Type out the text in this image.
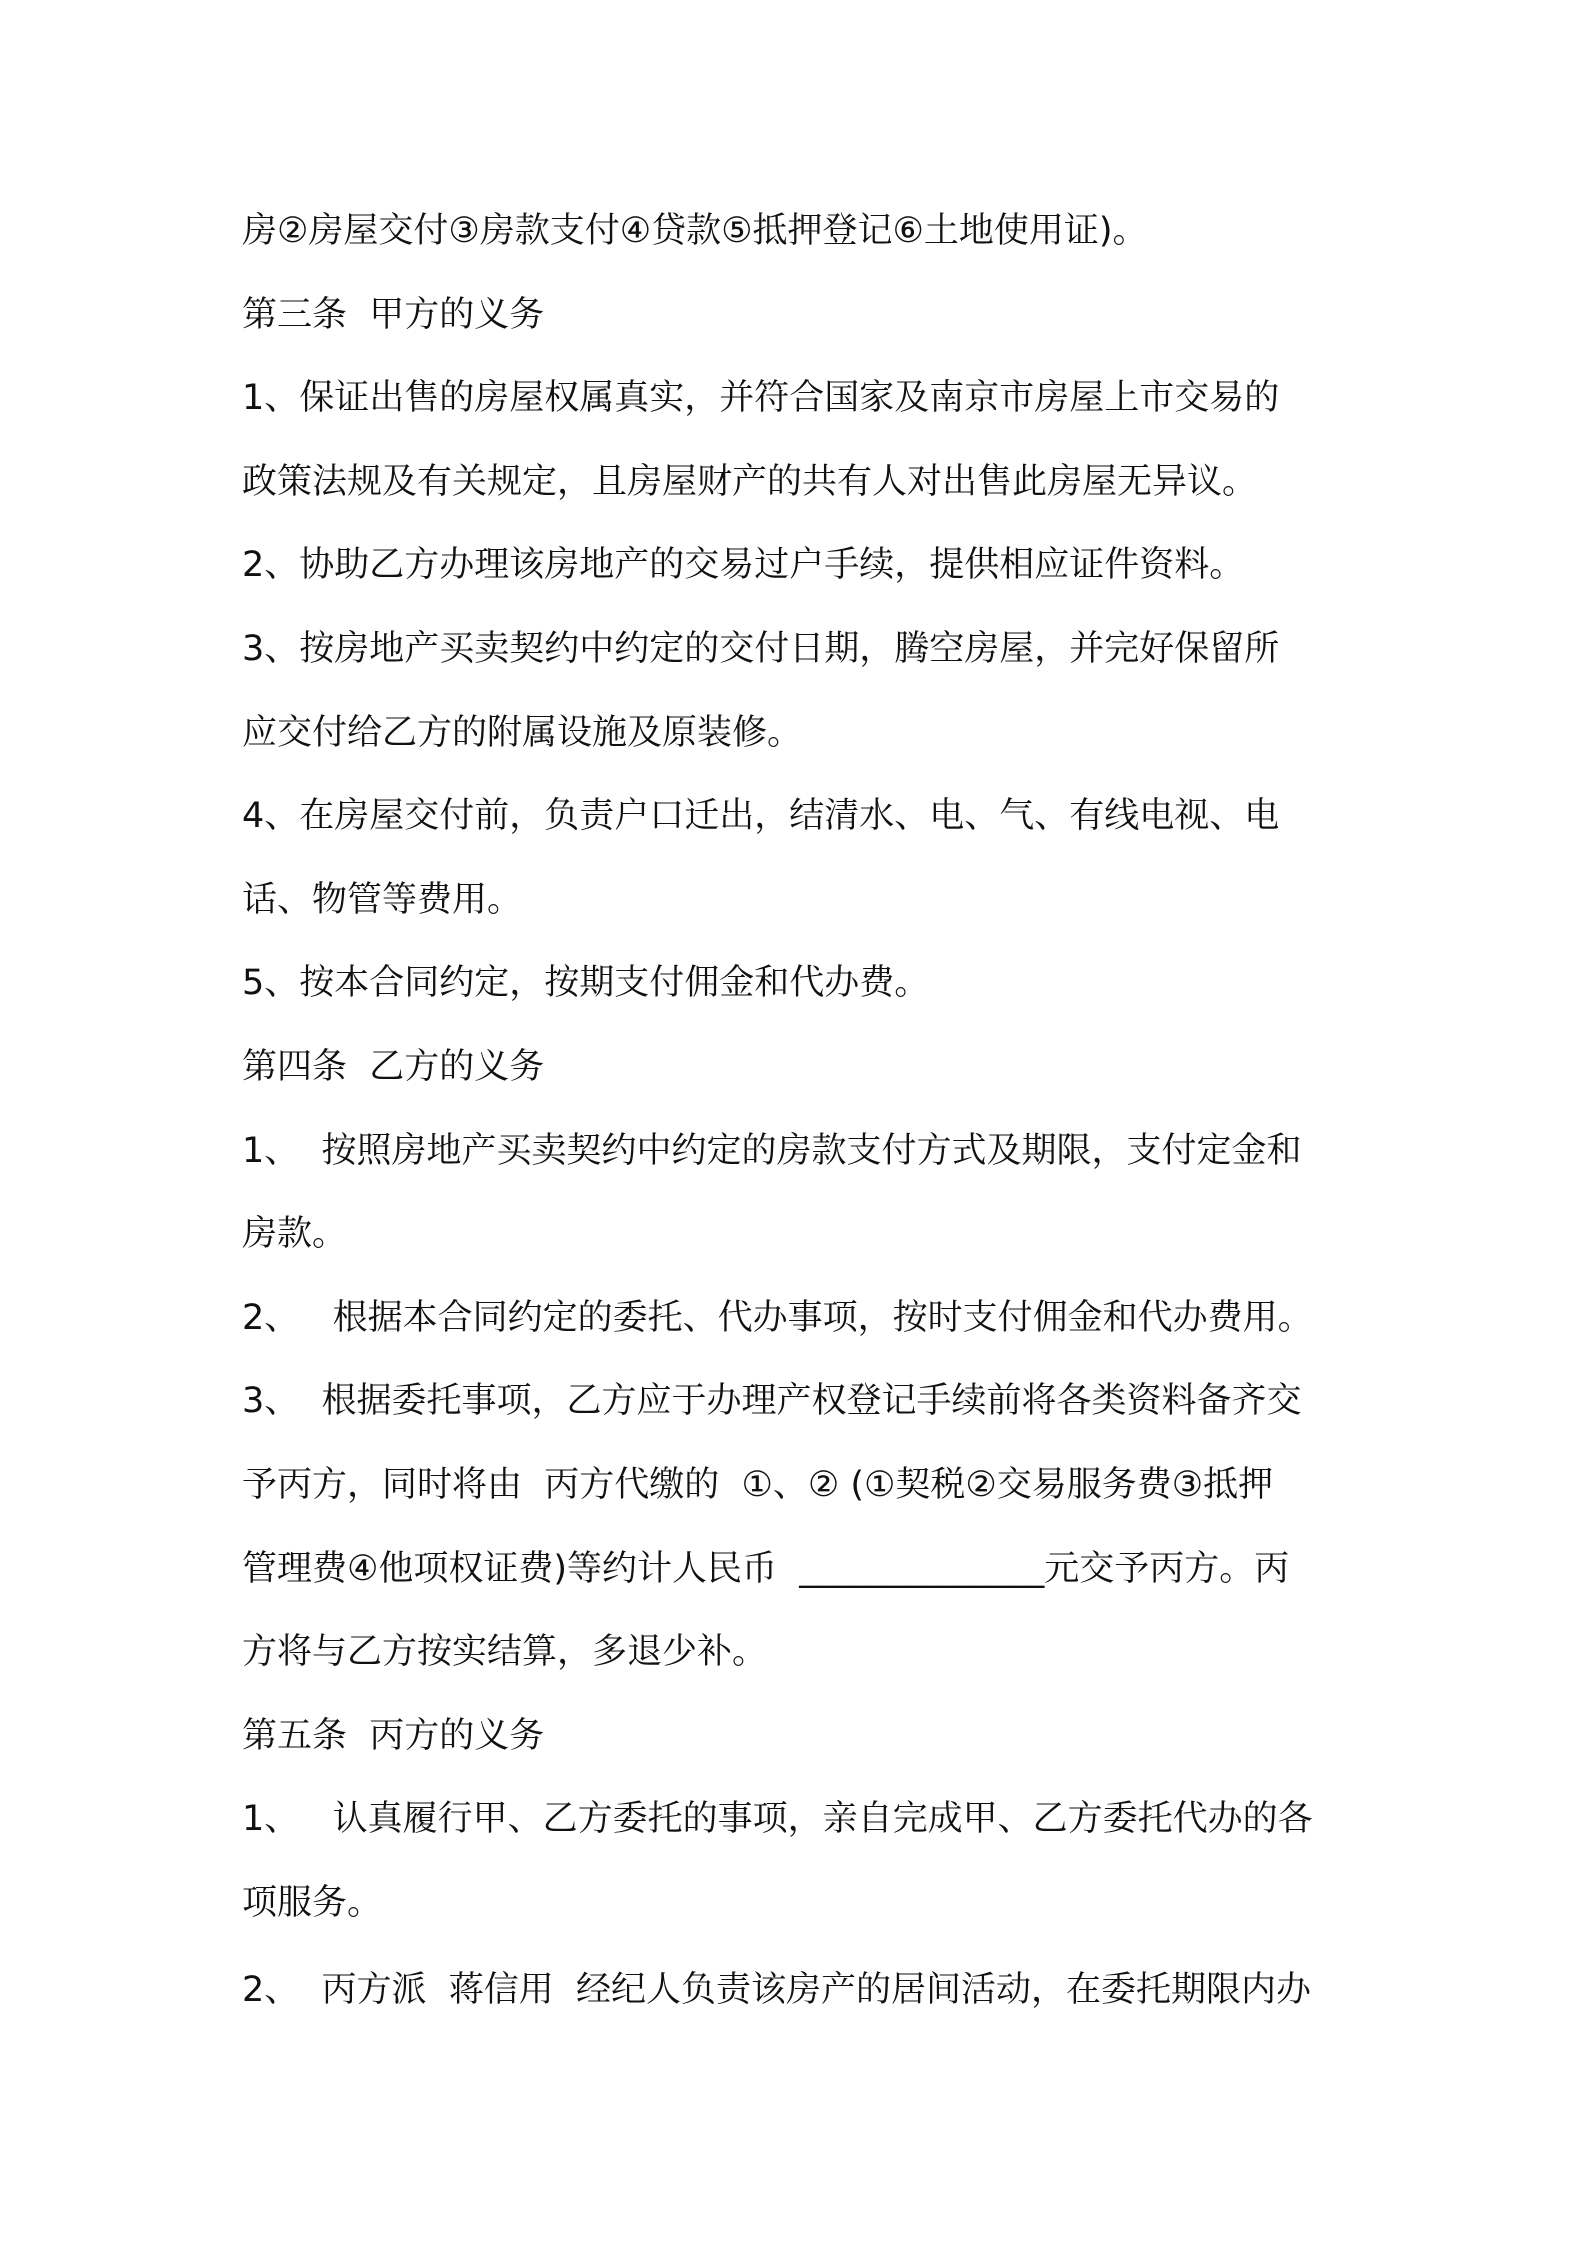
房②房屋交付③房款支付④贷款⑤抵押登记⑥土地使用证)。
第三条  甲方的义务
1、保证出售的房屋权属真实，并符合国家及南京市房屋上市交易的
政策法规及有关规定，且房屋财产的共有人对出售此房屋无异议。
2、协助乙方办理该房地产的交易过户手续，提供相应证件资料。
3、按房地产买卖契约中约定的交付日期，腾空房屋，并完好保留所
应交付给乙方的附属设施及原装修。
4、在房屋交付前，负责户口迁出，结清水、电、气、有线电视、电
话、物管等费用。
5、按本合同约定，按期支付佣金和代办费。
第四条  乙方的义务
1、  按照房地产买卖契约中约定的房款支付方式及期限，支付定金和
房款。
2、   根据本合同约定的委托、代办事项，按时支付佣金和代办费用。
3、  根据委托事项，乙方应于办理产权登记手续前将各类资料备齐交
予丙方，同时将由  丙方代缴的  ①、② (①契税②交易服务费③抵押
管理费④他项权证费)等约计人民币  ______________元交予丙方。丙
方将与乙方按实结算，多退少补。
第五条  丙方的义务
1、   认真履行甲、乙方委托的事项，亲自完成甲、乙方委托代办的各
项服务。
2、  丙方派  蒋信用  经纪人负责该房产的居间活动，在委托期限内办
